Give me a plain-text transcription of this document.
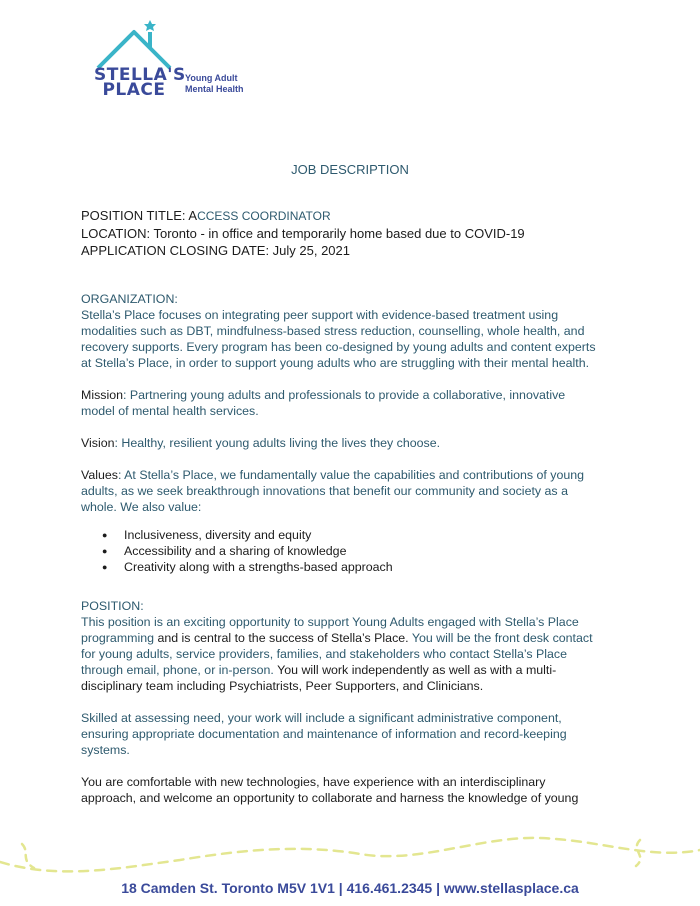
STELLA'S
PLACE
Young Adult
Mental Health
JOB DESCRIPTION
POSITION TITLE: ACCESS COORDINATOR
LOCATION: Toronto - in office and temporarily home based due to COVID-19
APPLICATION CLOSING DATE: July 25, 2021

ORGANIZATION:

Stella’s Place focuses on integrating peer support with evidence-based treatment using modalities such as DBT, mindfulness-based stress reduction, counselling, whole health, and recovery supports. Every program has been co-designed by young adults and content experts at Stella’s Place, in order to support young adults who are struggling with their mental health.

Mission: Partnering young adults and professionals to provide a collaborative, innovative model of mental health services.

Vision: Healthy, resilient young adults living the lives they choose.

Values: At Stella’s Place, we fundamentally value the capabilities and contributions of young adults, as we seek breakthrough innovations that benefit our community and society as a whole. We also value:

● Inclusiveness, diversity and equity
● Accessibility and a sharing of knowledge
● Creativity along with a strengths-based approach

POSITION:

This position is an exciting opportunity to support Young Adults engaged with Stella’s Place programming and is central to the success of Stella’s Place. You will be the front desk contact for young adults, service providers, families, and stakeholders who contact Stella’s Place through email, phone, or in-person. You will work independently as well as with a multi-disciplinary team including Psychiatrists, Peer Supporters, and Clinicians.

Skilled at assessing need, your work will include a significant administrative component, ensuring appropriate documentation and maintenance of information and record-keeping systems.

You are comfortable with new technologies, have experience with an interdisciplinary approach, and welcome an opportunity to collaborate and harness the knowledge of young

18 Camden St. Toronto M5V 1V1 | 416.461.2345 | www.stellasplace.ca
